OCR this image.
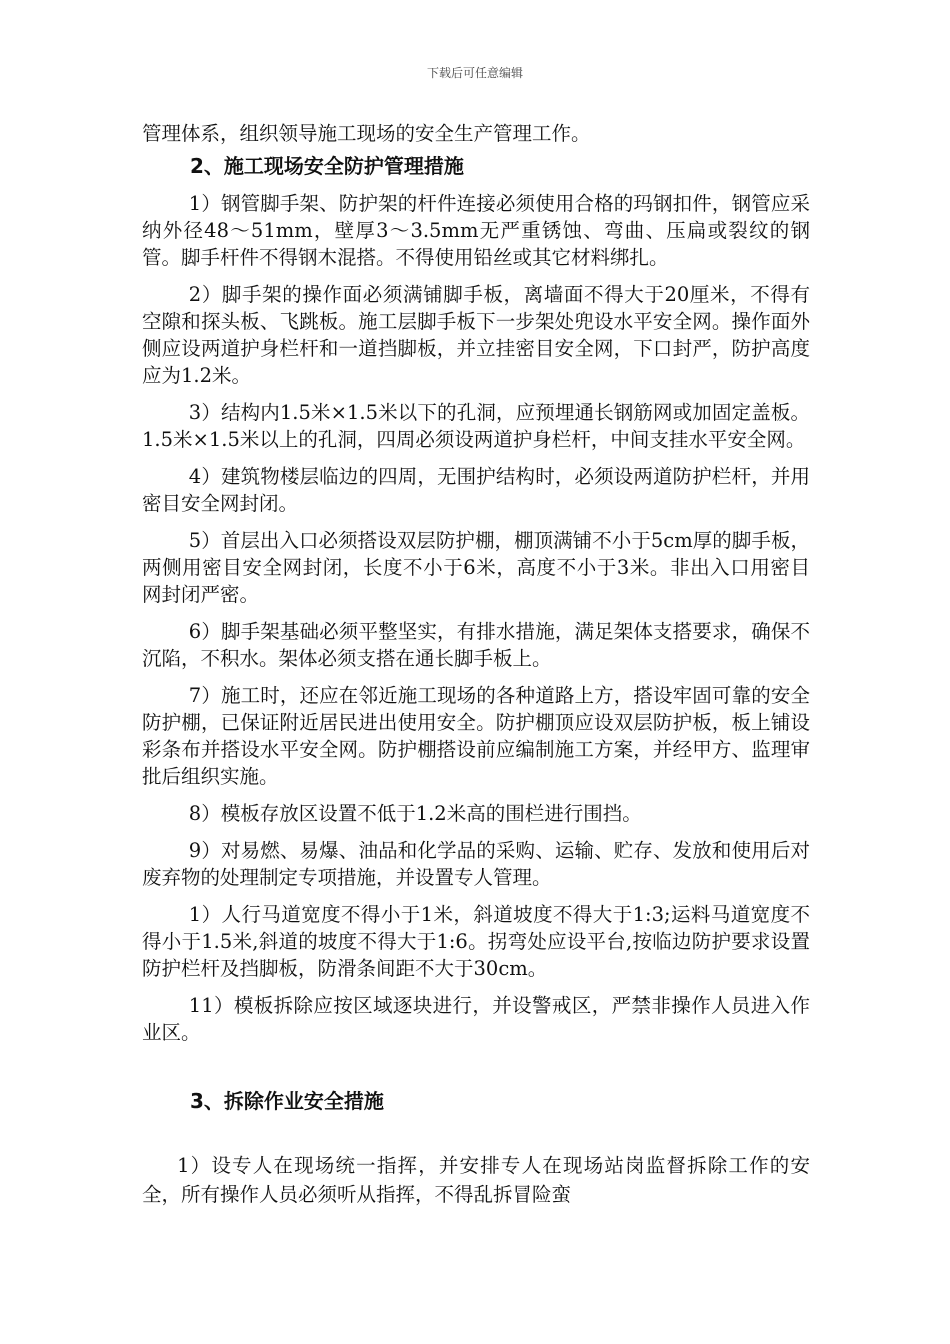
下载后可任意编辑

管理体系，组织领导施工现场的安全生产管理工作。

2、施工现场安全防护管理措施

1）钢管脚手架、防护架的杆件连接必须使用合格的玛钢扣件，钢管应采纳外径48～51mm，壁厚3～3.5mm无严重锈蚀、弯曲、压扁或裂纹的钢管。脚手杆件不得钢木混搭。不得使用铅丝或其它材料绑扎。

2）脚手架的操作面必须满铺脚手板，离墙面不得大于20厘米，不得有空隙和探头板、飞跳板。施工层脚手板下一步架处兜设水平安全网。操作面外侧应设两道护身栏杆和一道挡脚板，并立挂密目安全网，下口封严，防护高度应为1.2米。

3）结构内1.5米×1.5米以下的孔洞，应预埋通长钢筋网或加固定盖板。1.5米×1.5米以上的孔洞，四周必须设两道护身栏杆，中间支挂水平安全网。

4）建筑物楼层临边的四周，无围护结构时，必须设两道防护栏杆，并用密目安全网封闭。

5）首层出入口必须搭设双层防护棚，棚顶满铺不小于5cm厚的脚手板，两侧用密目安全网封闭，长度不小于6米，高度不小于3米。非出入口用密目网封闭严密。

6）脚手架基础必须平整坚实，有排水措施，满足架体支搭要求，确保不沉陷，不积水。架体必须支搭在通长脚手板上。

7）施工时，还应在邻近施工现场的各种道路上方，搭设牢固可靠的安全防护棚，已保证附近居民进出使用安全。防护棚顶应设双层防护板，板上铺设彩条布并搭设水平安全网。防护棚搭设前应编制施工方案，并经甲方、监理审批后组织实施。

8）模板存放区设置不低于1.2米高的围栏进行围挡。

9）对易燃、易爆、油品和化学品的采购、运输、贮存、发放和使用后对废弃物的处理制定专项措施，并设置专人管理。

1）人行马道宽度不得小于1米，斜道坡度不得大于1:3;运料马道宽度不得小于1.5米,斜道的坡度不得大于1:6。拐弯处应设平台,按临边防护要求设置防护栏杆及挡脚板，防滑条间距不大于30cm。

11）模板拆除应按区域逐块进行，并设警戒区，严禁非操作人员进入作业区。

3、拆除作业安全措施

1）设专人在现场统一指挥，并安排专人在现场站岗监督拆除工作的安全，所有操作人员必须听从指挥，不得乱拆冒险蛮
